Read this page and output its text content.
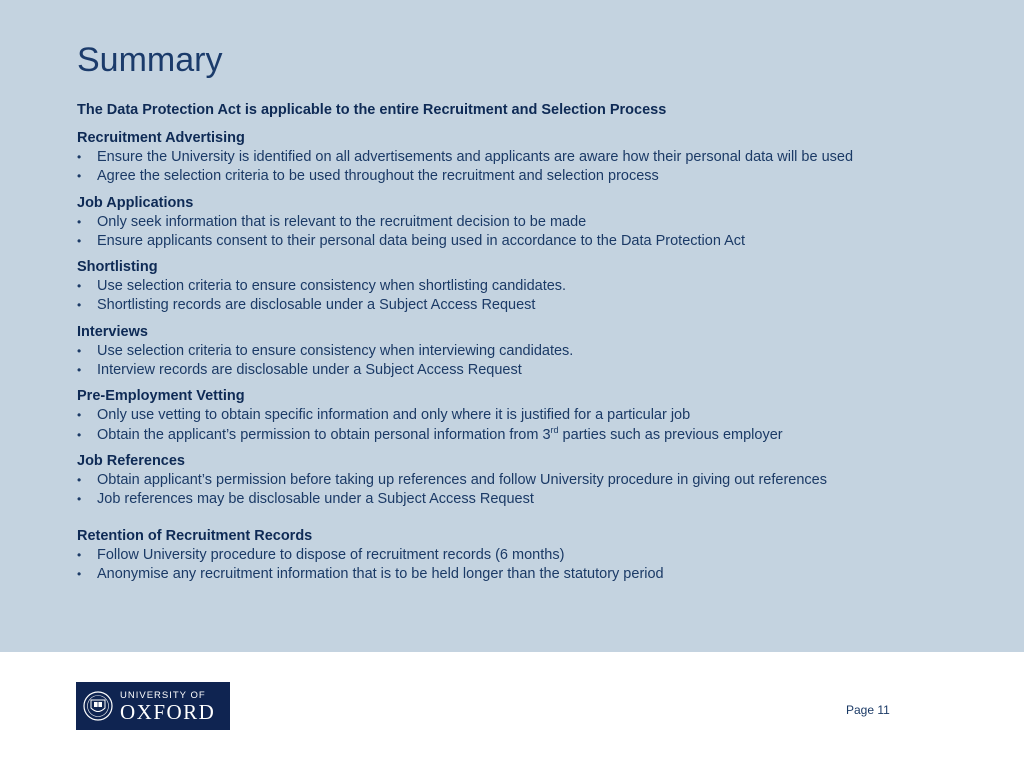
Summary
The Data Protection Act is applicable to the entire Recruitment and Selection Process
Recruitment Advertising
• Ensure the University is identified on all advertisements and applicants are aware how their personal data will be used
• Agree the selection criteria to be used throughout the recruitment and selection process
Job Applications
• Only seek information that is relevant to the recruitment decision to be made
• Ensure applicants consent to their personal data being used in accordance to the Data Protection Act
Shortlisting
• Use selection criteria to ensure consistency when shortlisting candidates.
• Shortlisting records are disclosable under a Subject Access Request
Interviews
• Use selection criteria to ensure consistency when interviewing candidates.
• Interview records are disclosable under a Subject Access Request
Pre-Employment Vetting
• Only use vetting to obtain specific information and only where it is justified for a particular job
• Obtain the applicant’s permission to obtain personal information from 3rd parties such as previous employer
Job References
• Obtain applicant’s permission before taking up references and follow University procedure in giving out references
• Job references may be disclosable under a Subject Access Request
Retention of Recruitment Records
• Follow University procedure to dispose of recruitment records (6 months)
• Anonymise any recruitment information that is to be held longer than the statutory period
UNIVERSITY OF
OXFORD	Page 11
